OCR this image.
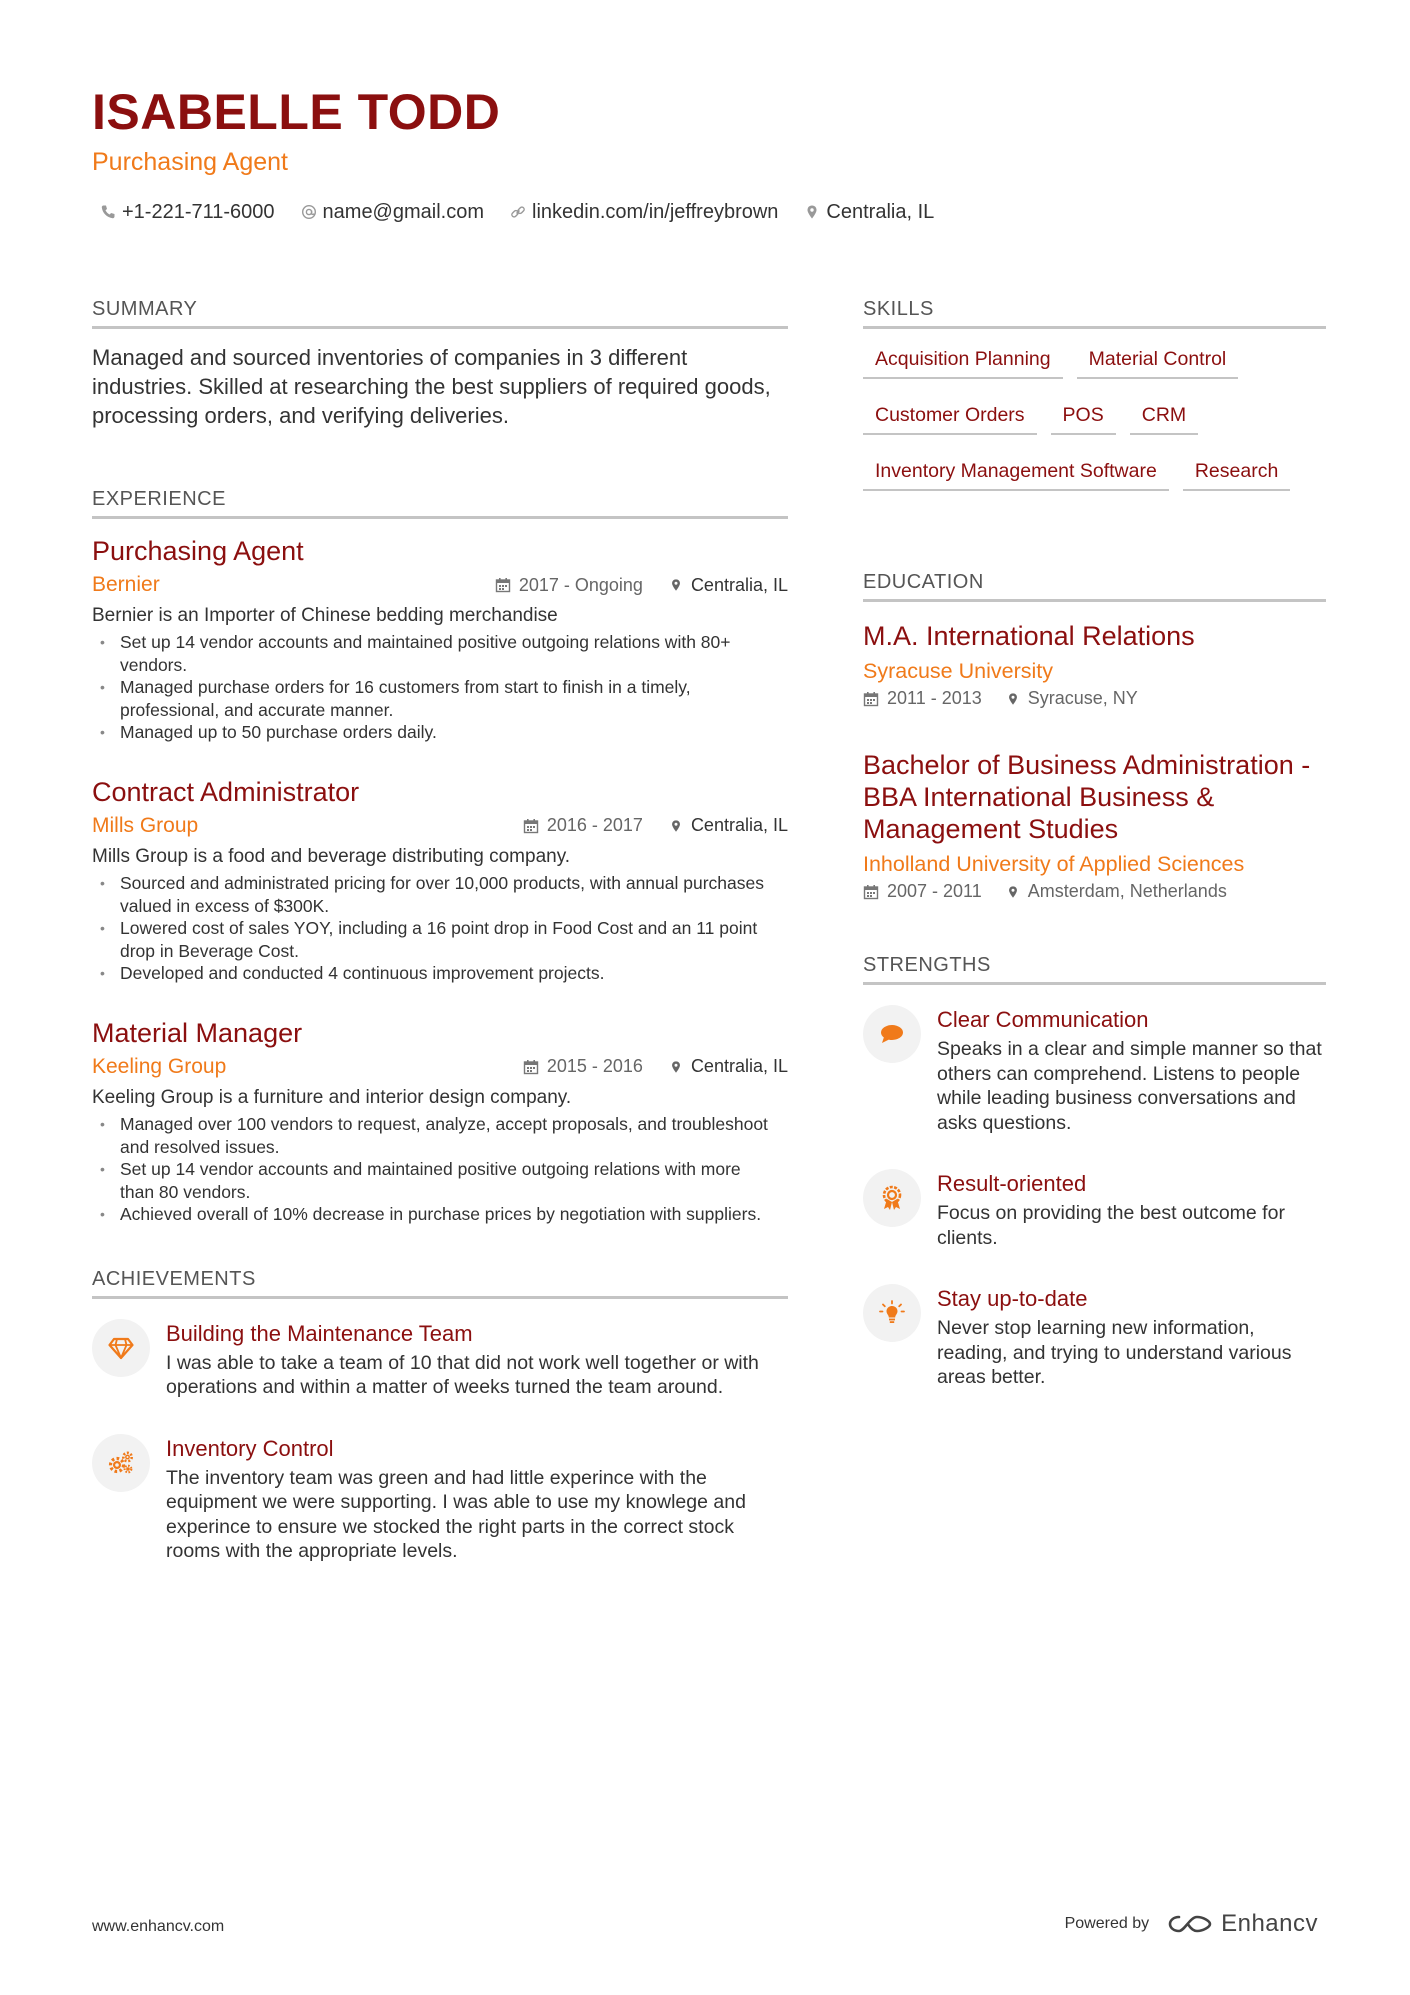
ISABELLE TODD
Purchasing Agent
+1-221-711-6000 name@gmail.com linkedin.com/in/jeffreybrown Centralia, IL
SUMMARY

Managed and sourced inventories of companies in 3 different industries. Skilled at researching the best suppliers of required goods, processing orders, and verifying deliveries.

EXPERIENCE
Purchasing Agent
Bernier	2017 - Ongoing	Centralia, IL
Bernier is an Importer of Chinese bedding merchandise
• Set up 14 vendor accounts and maintained positive outgoing relations with 80+ vendors.
• Managed purchase orders for 16 customers from start to finish in a timely, professional, and accurate manner.
• Managed up to 50 purchase orders daily.
Contract Administrator
Mills Group	2016 - 2017	Centralia, IL
Mills Group is a food and beverage distributing company.
• Sourced and administrated pricing for over 10,000 products, with annual purchases valued in excess of $300K.
• Lowered cost of sales YOY, including a 16 point drop in Food Cost and an 11 point drop in Beverage Cost.
• Developed and conducted 4 continuous improvement projects.
Material Manager
Keeling Group	2015 - 2016	Centralia, IL
Keeling Group is a furniture and interior design company.
• Managed over 100 vendors to request, analyze, accept proposals, and troubleshoot and resolved issues.
• Set up 14 vendor accounts and maintained positive outgoing relations with more than 80 vendors.
• Achieved overall of 10% decrease in purchase prices by negotiation with suppliers.
ACHIEVEMENTS
Building the Maintenance Team
I was able to take a team of 10 that did not work well together or with operations and within a matter of weeks turned the team around.
Inventory Control
The inventory team was green and had little experince with the equipment we were supporting. I was able to use my knowlege and experince to ensure we stocked the right parts in the correct stock rooms with the appropriate levels.
SKILLS
Acquisition Planning	Material Control
Customer Orders	POS	CRM
Inventory Management Software	Research
EDUCATION
M.A. International Relations
Syracuse University
2011 - 2013	Syracuse, NY
Bachelor of Business Administration - BBA International Business & Management Studies
Inholland University of Applied Sciences
2007 - 2011	Amsterdam, Netherlands
STRENGTHS
Clear Communication
Speaks in a clear and simple manner so that others can comprehend. Listens to people while leading business conversations and asks questions.
Result-oriented
Focus on providing the best outcome for clients.
Stay up-to-date
Never stop learning new information, reading, and trying to understand various areas better.
www.enhancv.com	Powered by	Enhancv
